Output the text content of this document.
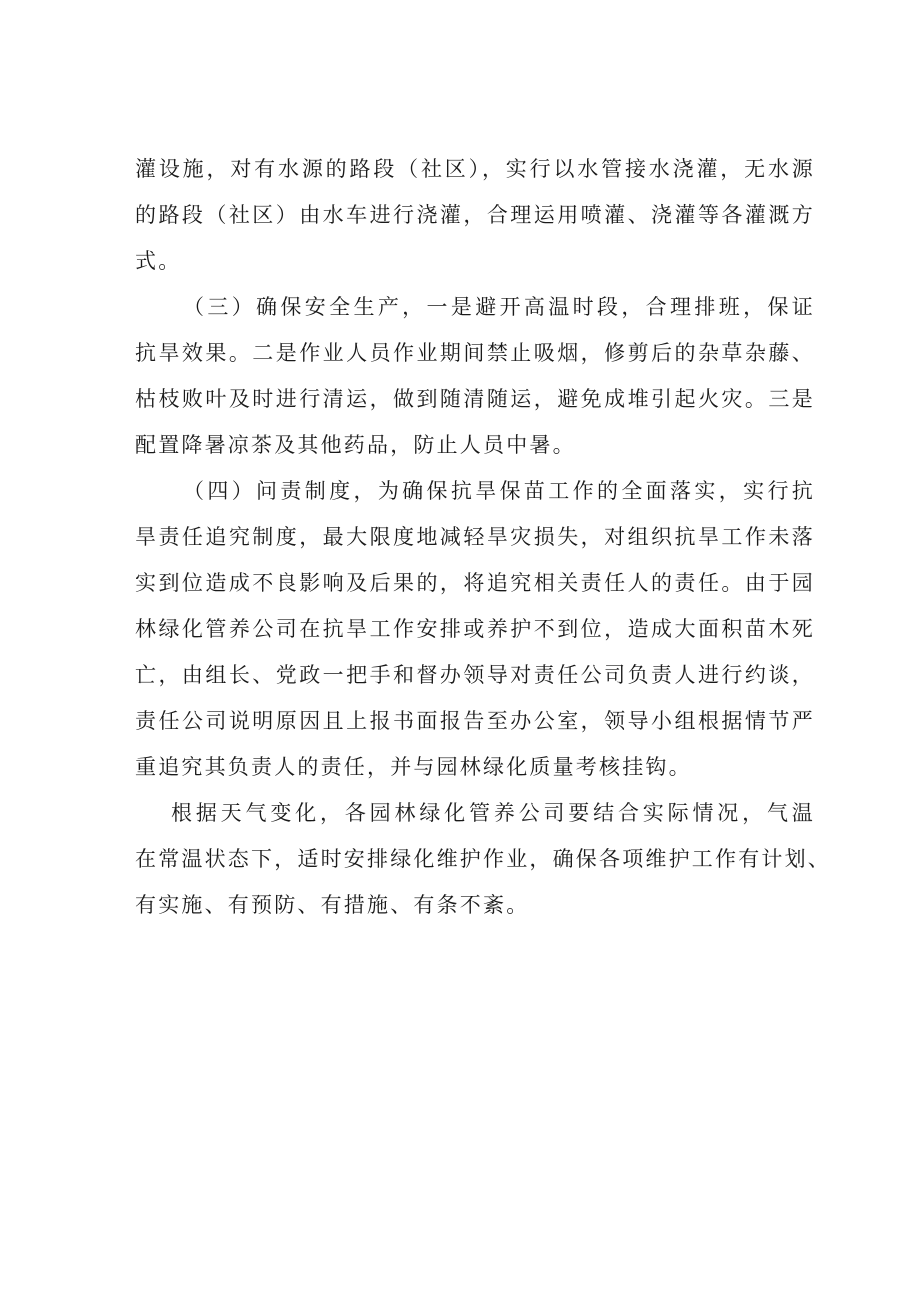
灌设施，对有水源的路段（社区），实行以水管接水浇灌，无水源
的路段（社区）由水车进行浇灌，合理运用喷灌、浇灌等各灌溉方
式。
（三）确保安全生产，一是避开高温时段，合理排班，保证
抗旱效果。二是作业人员作业期间禁止吸烟，修剪后的杂草杂藤、
枯枝败叶及时进行清运，做到随清随运，避免成堆引起火灾。三是
配置降暑凉茶及其他药品，防止人员中暑。
（四）问责制度，为确保抗旱保苗工作的全面落实，实行抗
旱责任追究制度，最大限度地减轻旱灾损失，对组织抗旱工作未落
实到位造成不良影响及后果的，将追究相关责任人的责任。由于园
林绿化管养公司在抗旱工作安排或养护不到位，造成大面积苗木死
亡，由组长、党政一把手和督办领导对责任公司负责人进行约谈，
责任公司说明原因且上报书面报告至办公室，领导小组根据情节严
重追究其负责人的责任，并与园林绿化质量考核挂钩。
根据天气变化，各园林绿化管养公司要结合实际情况，气温
在常温状态下，适时安排绿化维护作业，确保各项维护工作有计划、
有实施、有预防、有措施、有条不紊。
